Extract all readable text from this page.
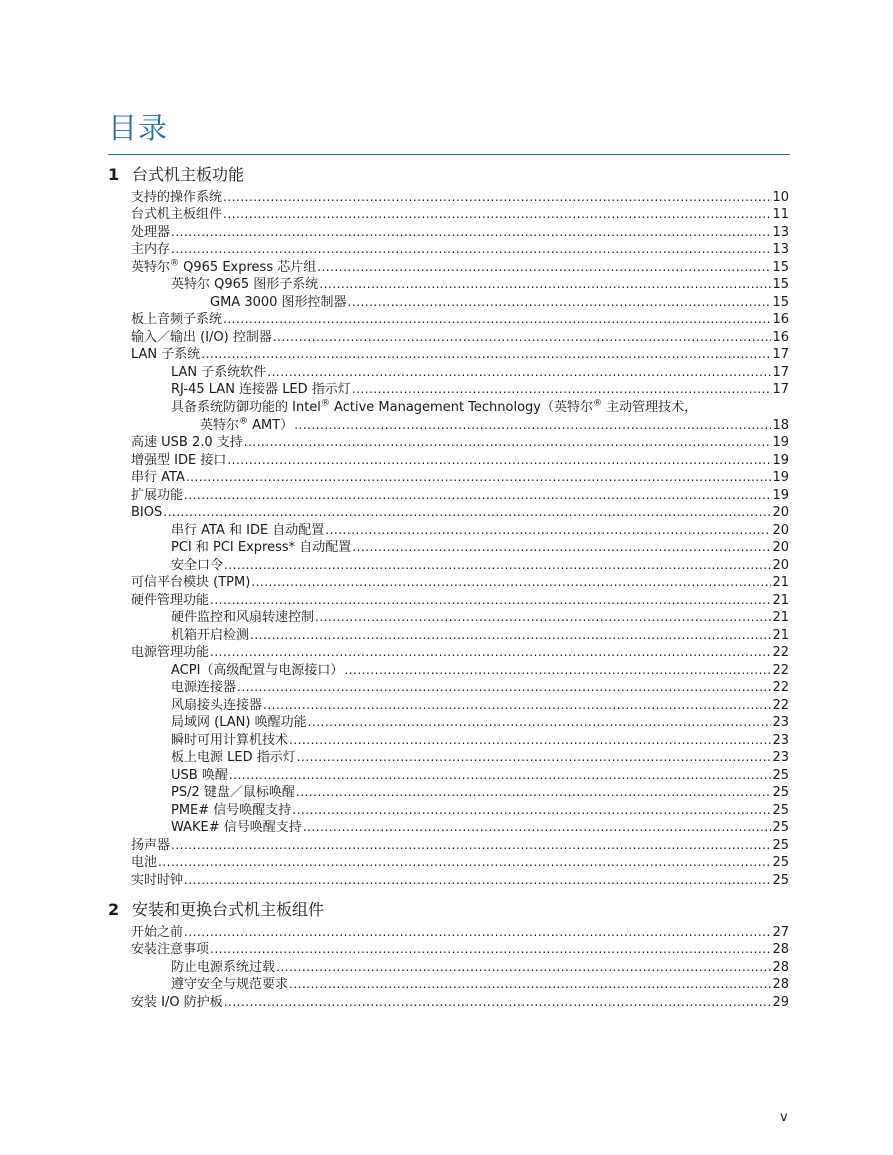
目录
1 台式机主板功能
支持的操作系统 .....	10
台式机主板组件 .....	11
处理器 .....	13
主内存 .....	13
英特尔® Q965 Express 芯片组 .....	15
英特尔 Q965 图形子系统 .....	15
GMA 3000 图形控制器 .....	15
板上音频子系统 .....	16
输入／输出 (I/O) 控制器 .....	16
LAN 子系统 .....	17
LAN 子系统软件 .....	17
RJ-45 LAN 连接器 LED 指示灯 .....	17
具备系统防御功能的 Intel® Active Management Technology（英特尔® 主动管理技术，
英特尔® AMT） .....	18
高速 USB 2.0 支持 .....	19
增强型 IDE 接口 .....	19
串行 ATA .....	19
扩展功能 .....	19
BIOS .....	20
串行 ATA 和 IDE 自动配置 .....	20
PCI 和 PCI Express* 自动配置 .....	20
安全口令 .....	20
可信平台模块 (TPM) .....	21
硬件管理功能 .....	21
硬件监控和风扇转速控制 .....	21
机箱开启检测 .....	21
电源管理功能 .....	22
ACPI（高级配置与电源接口） .....	22
电源连接器 .....	22
风扇接头连接器 .....	22
局域网 (LAN) 唤醒功能 .....	23
瞬时可用计算机技术 .....	23
板上电源 LED 指示灯 .....	23
USB 唤醒 .....	25
PS/2 键盘／鼠标唤醒 .....	25
PME# 信号唤醒支持 .....	25
WAKE# 信号唤醒支持 .....	25
扬声器 .....	25
电池 .....	25
实时时钟 .....	25
2 安装和更换台式机主板组件
开始之前 .....	27
安装注意事项 .....	28
防止电源系统过载 .....	28
遵守安全与规范要求 .....	28
安装 I/O 防护板 .....	29
v
